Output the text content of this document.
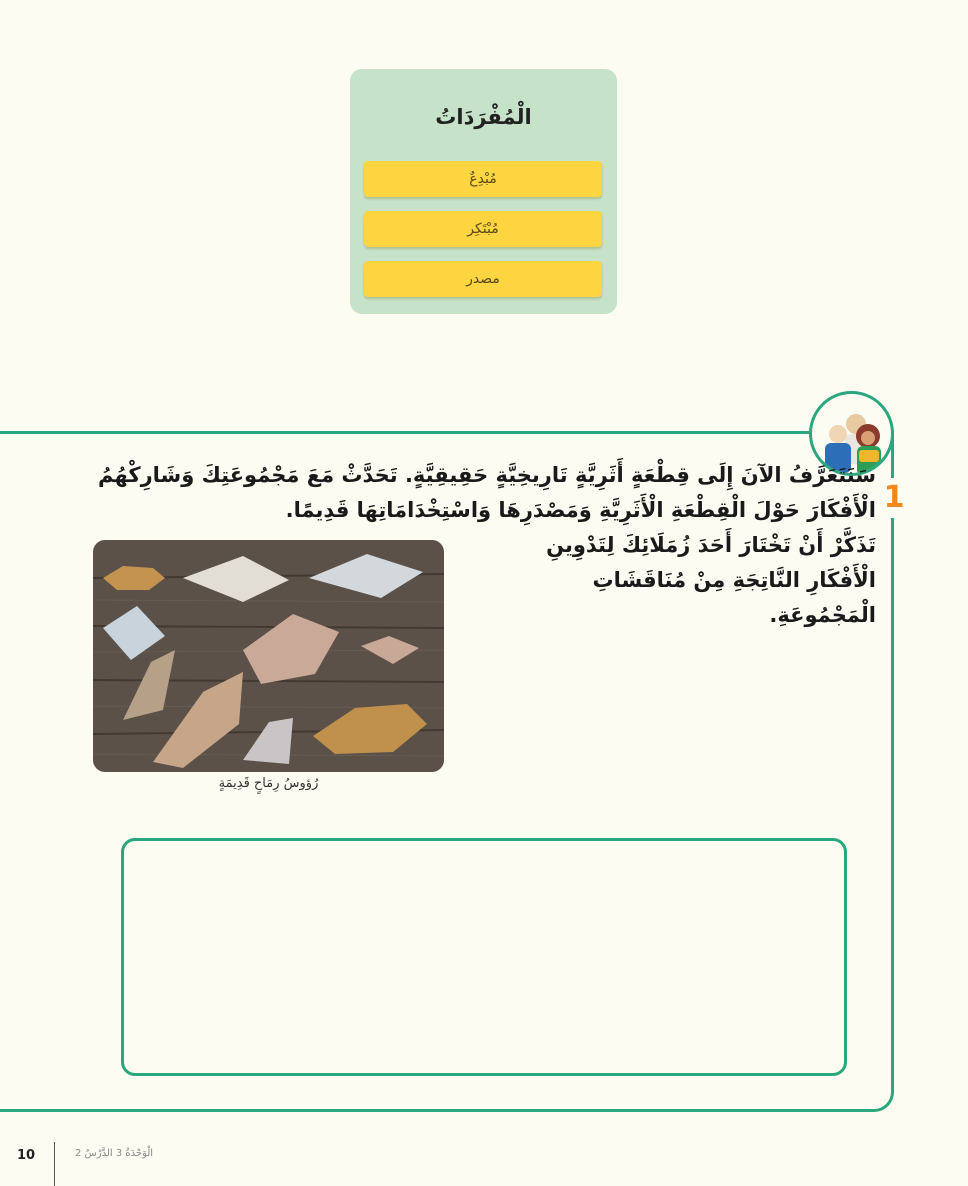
الْمُفْرَدَاتُ
مُبْدِعٌ
مُبْتَكِر
مصدر
1
سَنَتَعَرَّفُ الآنَ إِلَى قِطْعَةٍ أَثَرِيَّةٍ تَارِيخِيَّةٍ حَقِيقِيَّةٍ. تَحَدَّثْ مَعَ مَجْمُوعَتِكَ وَشَارِكْهُمُ الْأَفْكَارَ حَوْلَ الْقِطْعَةِ الْأَثَرِيَّةِ وَمَصْدَرِهَا وَاسْتِخْدَامَاتِهَا قَدِيمًا.
تَذَكَّرْ أَنْ تَخْتَارَ أَحَدَ زُمَلَائِكَ لِتَدْوِينِ الْأَفْكَارِ النَّاتِجَةِ مِنْ مُنَاقَشَاتِ الْمَجْمُوعَةِ.
رُؤوسُ رِمَاحٍ قَدِيمَةٍ
10	الْوَحْدَةُ 3 الدَّرْسُ 2
